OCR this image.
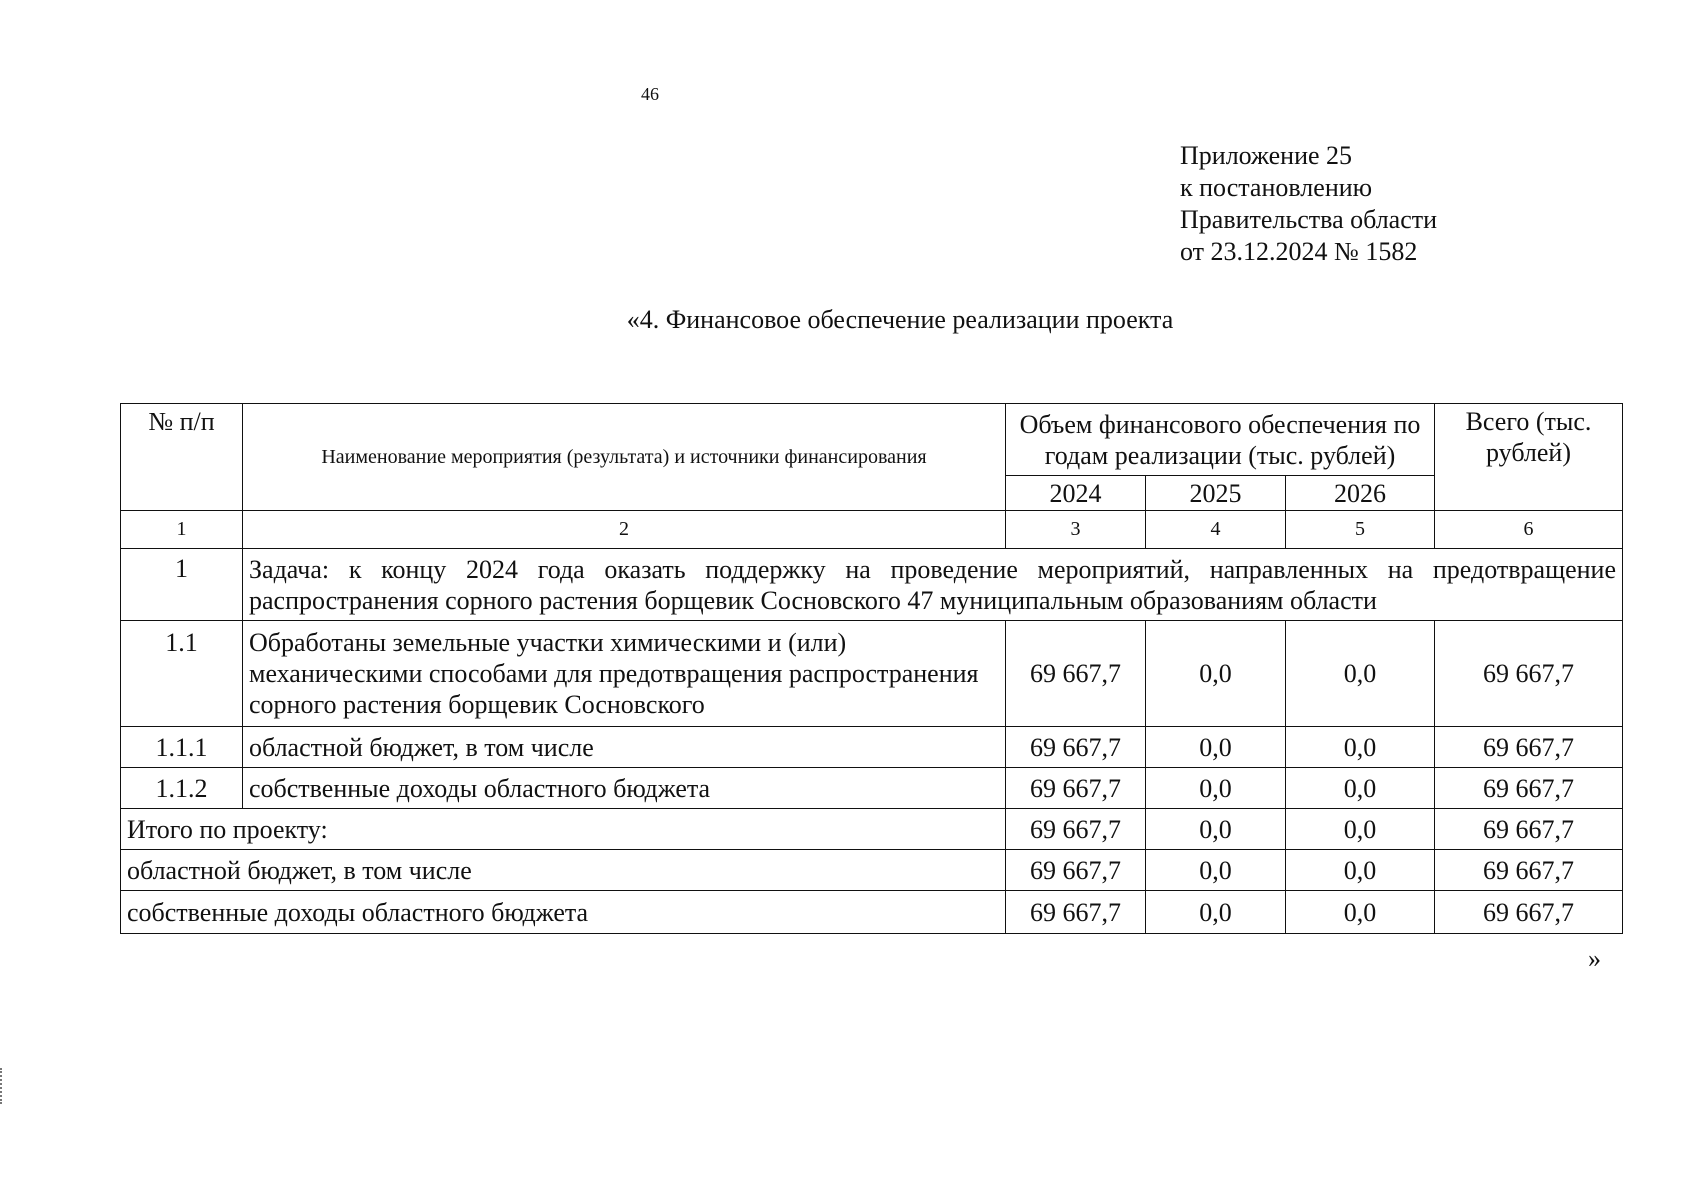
46
Приложение 25
к постановлению
Правительства области
от 23.12.2024 № 1582
«4. Финансовое обеспечение реализации проекта
№ п/п	Наименование мероприятия (результата) и источники финансирования	Объем финансового обеспечения по годам реализации (тыс. рублей)			Всего (тыс. рублей)
		2024	2025	2026	
1	2	3	4	5	6
1	Задача: к концу 2024 года оказать поддержку на проведение мероприятий, направленных на предотвращение распространения сорного растения борщевик Сосновского 47 муниципальным образованиям области				
1.1	Обработаны земельные участки химическими и (или) механическими способами для предотвращения распространения сорного растения борщевик Сосновского	69 667,7	0,0	0,0	69 667,7
1.1.1	областной бюджет, в том числе	69 667,7	0,0	0,0	69 667,7
1.1.2	собственные доходы областного бюджета	69 667,7	0,0	0,0	69 667,7
Итого по проекту:		69 667,7	0,0	0,0	69 667,7
областной бюджет, в том числе		69 667,7	0,0	0,0	69 667,7
собственные доходы областного бюджета		69 667,7	0,0	0,0	69 667,7
»
